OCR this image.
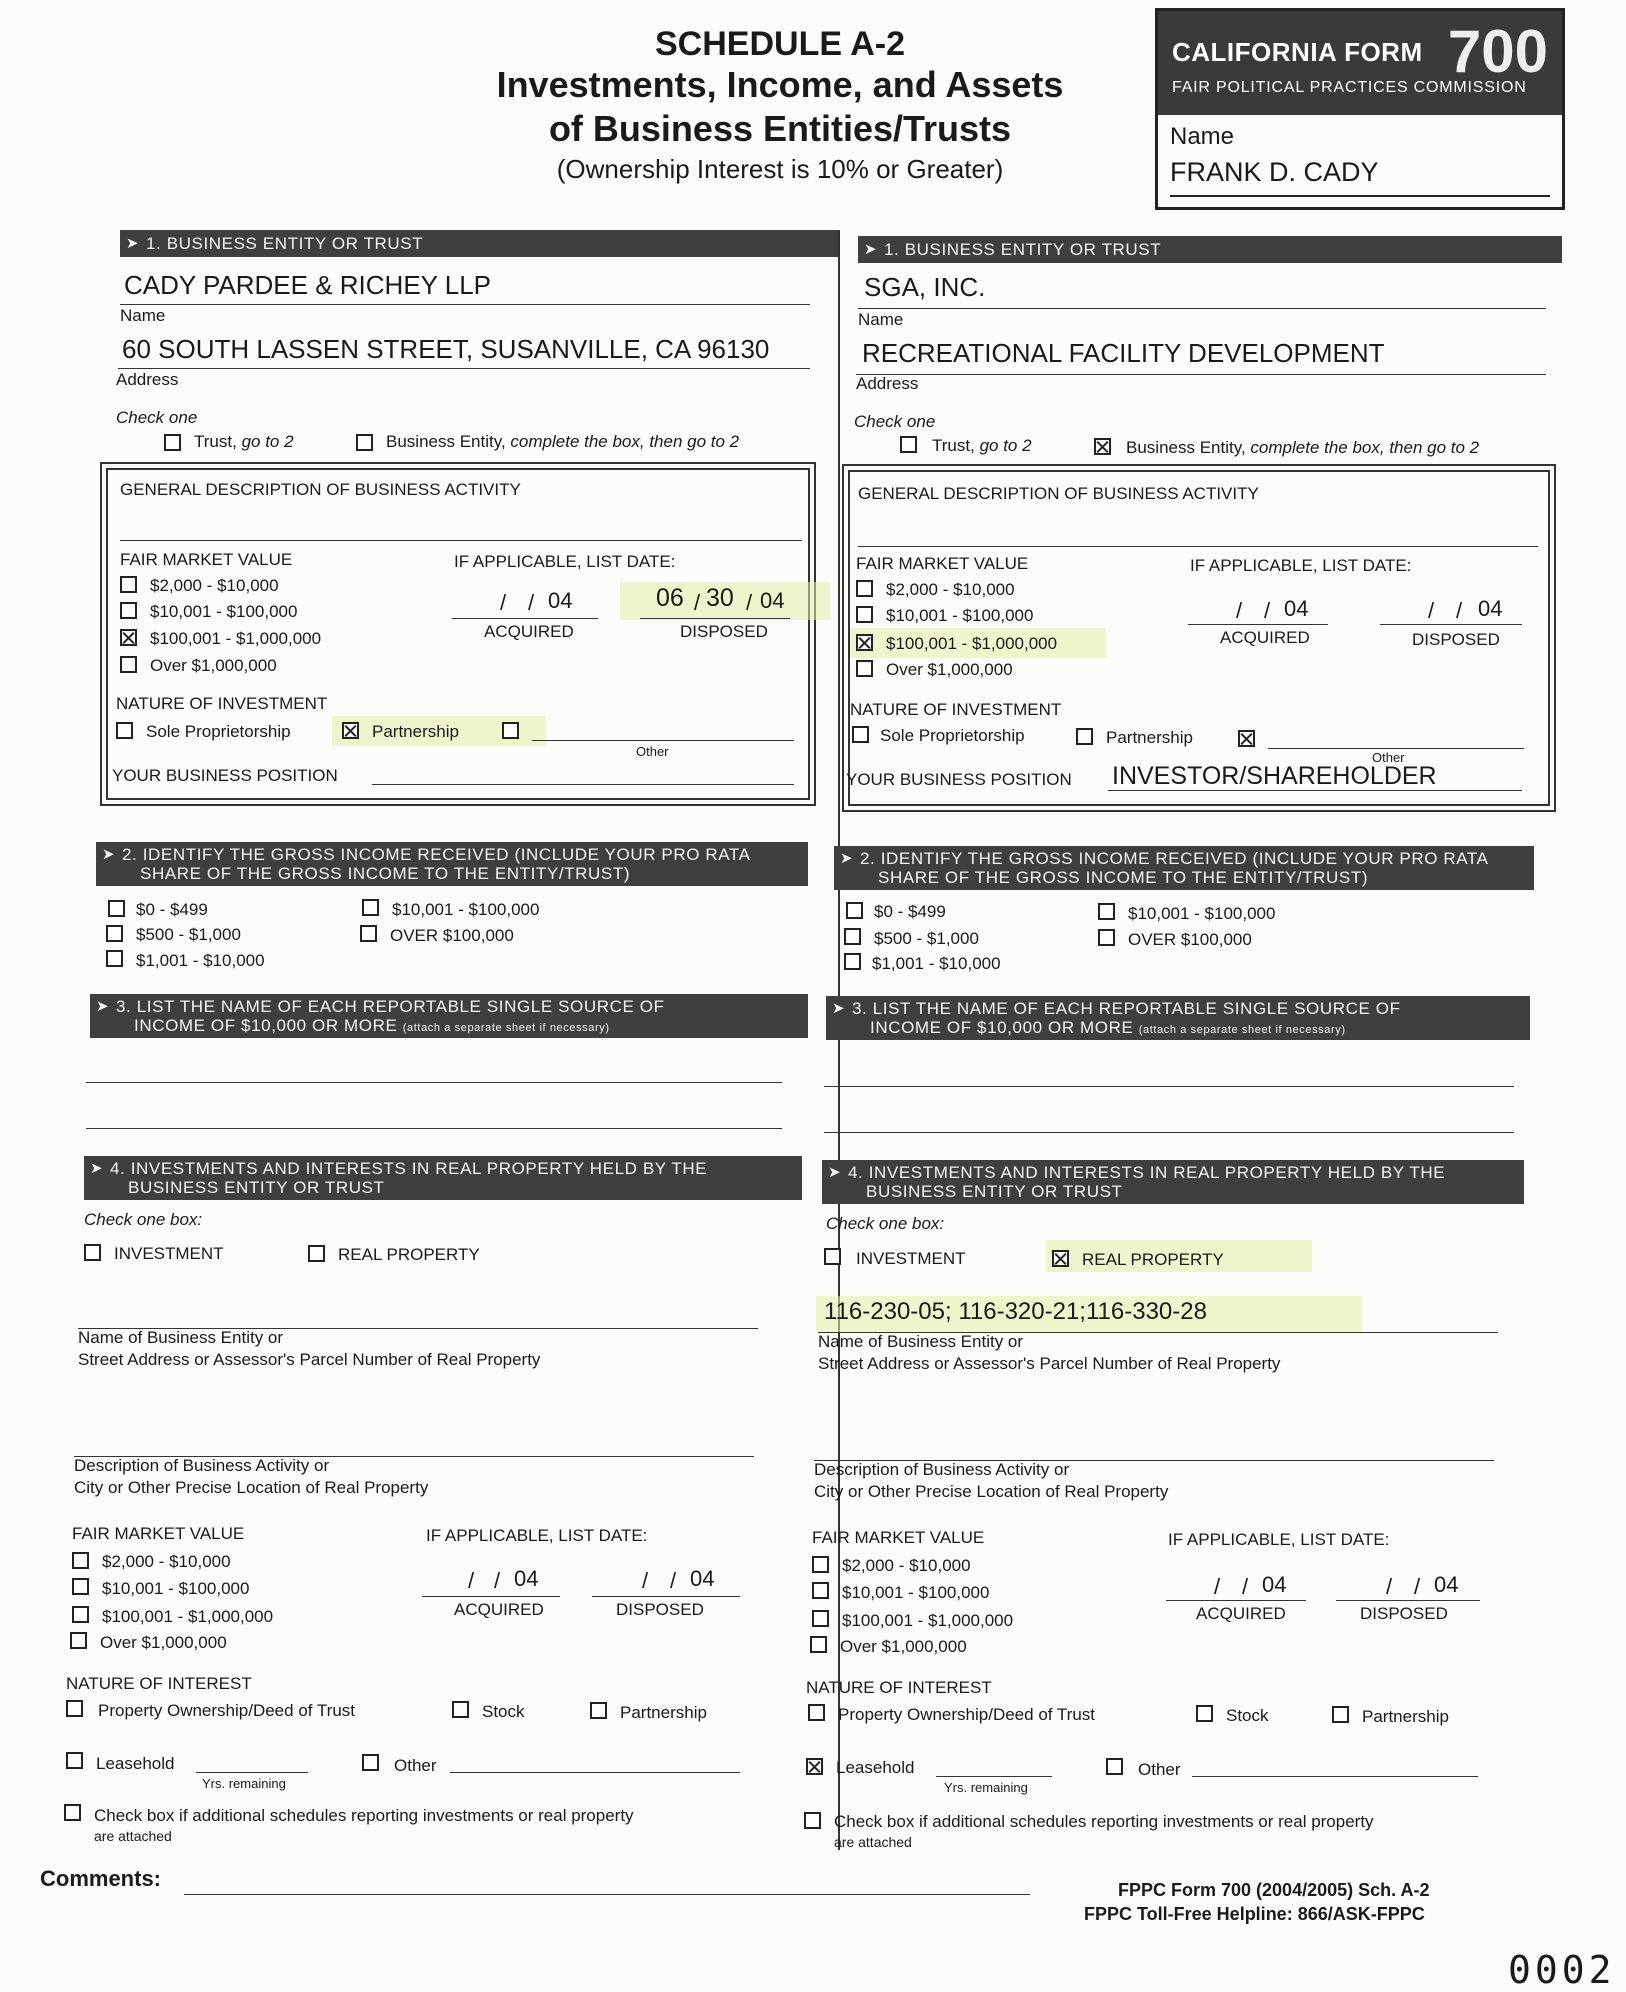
SCHEDULE A-2
Investments, Income, and Assets
of Business Entities/Trusts
(Ownership Interest is 10% or Greater)
CALIFORNIA FORM 700
FAIR POLITICAL PRACTICES COMMISSION
Name
FRANK D. CADY
➤ 1. BUSINESS ENTITY OR TRUST
CADY PARDEE & RICHEY LLP
Name
60 SOUTH LASSEN STREET, SUSANVILLE, CA 96130
Address
Check one
Trust, go to 2	Business Entity, complete the box, then go to 2
GENERAL DESCRIPTION OF BUSINESS ACTIVITY
FAIR MARKET VALUE	IF APPLICABLE, LIST DATE:
$2,000 - $10,000
$10,001 - $100,000
$100,001 - $1,000,000
Over $1,000,000
/ / 04
ACQUIRED
06 / 30 / 04
DISPOSED
NATURE OF INVESTMENT
Sole Proprietorship	Partnership
Other
YOUR BUSINESS POSITION
➤ 2. IDENTIFY THE GROSS INCOME RECEIVED (INCLUDE YOUR PRO RATA
SHARE OF THE GROSS INCOME TO THE ENTITY/TRUST)
$0 - $499
$500 - $1,000
$1,001 - $10,000
$10,001 - $100,000
OVER $100,000
➤ 3. LIST THE NAME OF EACH REPORTABLE SINGLE SOURCE OF
INCOME OF $10,000 OR MORE (attach a separate sheet if necessary)
➤ 4. INVESTMENTS AND INTERESTS IN REAL PROPERTY HELD BY THE
BUSINESS ENTITY OR TRUST
Check one box:
INVESTMENT	REAL PROPERTY
Name of Business Entity or
Street Address or Assessor's Parcel Number of Real Property
Description of Business Activity or
City or Other Precise Location of Real Property
FAIR MARKET VALUE	IF APPLICABLE, LIST DATE:
$2,000 - $10,000
$10,001 - $100,000
$100,001 - $1,000,000
Over $1,000,000
/ / 04
ACQUIRED
/ / 04
DISPOSED
NATURE OF INTEREST
Property Ownership/Deed of Trust	Stock	Partnership
Leasehold
Yrs. remaining
Other
Check box if additional schedules reporting investments or real property
are attached
➤ 1. BUSINESS ENTITY OR TRUST
SGA, INC.
Name
RECREATIONAL FACILITY DEVELOPMENT
Address
Check one
Trust, go to 2	Business Entity, complete the box, then go to 2
GENERAL DESCRIPTION OF BUSINESS ACTIVITY
FAIR MARKET VALUE	IF APPLICABLE, LIST DATE:
$2,000 - $10,000
$10,001 - $100,000
$100,001 - $1,000,000
Over $1,000,000
/ / 04
ACQUIRED
/ / 04
DISPOSED
NATURE OF INVESTMENT
Sole Proprietorship	Partnership
Other
YOUR BUSINESS POSITION INVESTOR/SHAREHOLDER
➤ 2. IDENTIFY THE GROSS INCOME RECEIVED (INCLUDE YOUR PRO RATA
SHARE OF THE GROSS INCOME TO THE ENTITY/TRUST)
$0 - $499
$500 - $1,000
$1,001 - $10,000
$10,001 - $100,000
OVER $100,000
➤ 3. LIST THE NAME OF EACH REPORTABLE SINGLE SOURCE OF
INCOME OF $10,000 OR MORE (attach a separate sheet if necessary)
➤ 4. INVESTMENTS AND INTERESTS IN REAL PROPERTY HELD BY THE
BUSINESS ENTITY OR TRUST
Check one box:
INVESTMENT	REAL PROPERTY
116-230-05; 116-320-21;116-330-28
Name of Business Entity or
Street Address or Assessor's Parcel Number of Real Property
Description of Business Activity or
City or Other Precise Location of Real Property
FAIR MARKET VALUE	IF APPLICABLE, LIST DATE:
$2,000 - $10,000
$10,001 - $100,000
$100,001 - $1,000,000
Over $1,000,000
/ / 04
ACQUIRED
/ / 04
DISPOSED
NATURE OF INTEREST
Property Ownership/Deed of Trust	Stock	Partnership
Leasehold
Yrs. remaining
Other
Check box if additional schedules reporting investments or real property
are attached
Comments:	FPPC Form 700 (2004/2005) Sch. A-2
FPPC Toll-Free Helpline: 866/ASK-FPPC
0002
